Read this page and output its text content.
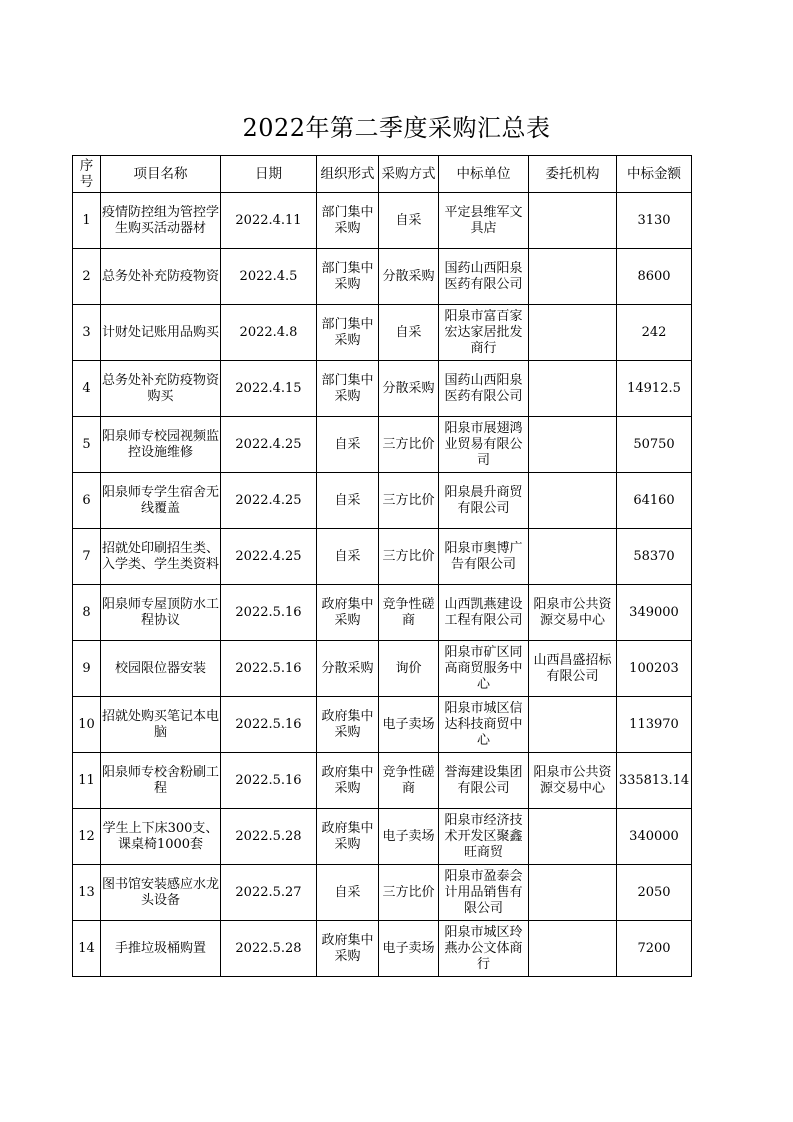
2022年第二季度采购汇总表
序号	项目名称	日期	组织形式	采购方式	中标单位	委托机构	中标金额

1	疫情防控组为管控学生购买活动器材	2022.4.11	部门集中采购	自采	平定县维军文具店		3130

2	总务处补充防疫物资	2022.4.5	部门集中采购	分散采购	国药山西阳泉医药有限公司		8600

3	计财处记账用品购买	2022.4.8	部门集中采购	自采	阳泉市富百家宏达家居批发商行		242

4	总务处补充防疫物资购买	2022.4.15	部门集中采购	分散采购	国药山西阳泉医药有限公司		14912.5

5	阳泉师专校园视频监控设施维修	2022.4.25	自采	三方比价	阳泉市展翅鸿业贸易有限公司		50750

6	阳泉师专学生宿舍无线覆盖	2022.4.25	自采	三方比价	阳泉晨升商贸有限公司		64160

7	招就处印刷招生类、入学类、学生类资料	2022.4.25	自采	三方比价	阳泉市奥博广告有限公司		58370

8	阳泉师专屋顶防水工程协议	2022.5.16	政府集中采购	竞争性磋商	山西凯燕建设工程有限公司	阳泉市公共资源交易中心	349000

9	校园限位器安装	2022.5.16	分散采购	询价	阳泉市矿区同高商贸服务中心	山西昌盛招标有限公司	100203

10	招就处购买笔记本电脑	2022.5.16	政府集中采购	电子卖场	阳泉市城区信达科技商贸中心		113970

11	阳泉师专校舍粉刷工程	2022.5.16	政府集中采购	竞争性磋商	誉海建设集团有限公司	阳泉市公共资源交易中心	335813.14

12	学生上下床300支、课桌椅1000套	2022.5.28	政府集中采购	电子卖场	阳泉市经济技术开发区聚鑫旺商贸		340000

13	图书馆安装感应水龙头设备	2022.5.27	自采	三方比价	阳泉市盈泰会计用品销售有限公司		2050

14	手推垃圾桶购置	2022.5.28	政府集中采购	电子卖场	阳泉市城区玲燕办公文体商行		7200
